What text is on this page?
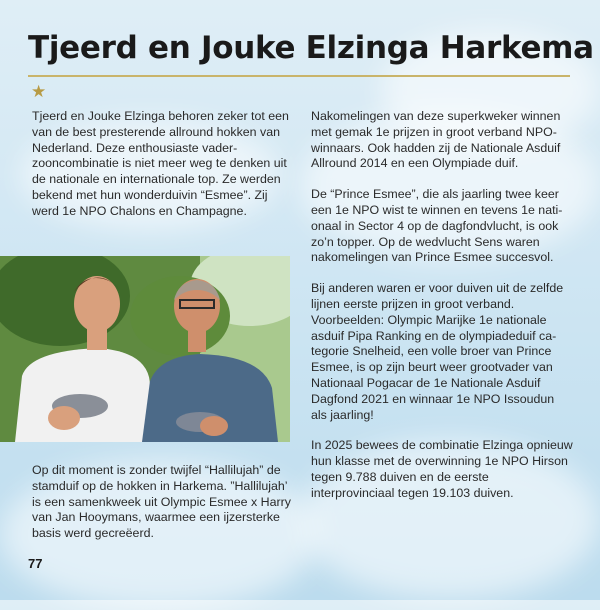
Tjeerd en Jouke Elzinga Harkema
★

Tjeerd en Jouke Elzinga behoren zeker tot een van de best presterende allround hokken van Nederland. Deze enthousiaste vader-zooncombinatie is niet meer weg te denken uit de nationale en internationale top. Ze werden bekend met hun wonderduivin “Esmee”. Zij werd 1e NPO Chalons en Champagne.

Op dit moment is zonder twijfel “Hallilujah” de stamduif op de hokken in Harkema. ”Hallilujah’ is een samenkweek uit Olympic Esmee x Harry van Jan Hooymans, waarmee een ijzersterke basis werd gecreëerd.

Nakomelingen van deze superkweker winnen met gemak 1e prijzen in groot verband NPO-winnaars. Ook hadden zij de Nationale Asduif Allround 2014 en een Olympiade duif.

De “Prince Esmee”, die als jaarling twee keer een 1e NPO wist te winnen en tevens 1e nati-onaal in Sector 4 op de dagfondvlucht, is ook zo’n topper. Op de wedvlucht Sens waren nakomelingen van Prince Esmee succesvol.

Bij anderen waren er voor duiven uit de zelfde lijnen eerste prijzen in groot verband. Voorbeelden: Olympic Marijke 1e nationale asduif Pipa Ranking en de olympiadeduif ca-tegorie Snelheid, een volle broer van Prince Esmee, is op zijn beurt weer grootvader van Nationaal Pogacar de 1e Nationale Asduif Dagfond 2021 en winnaar 1e NPO Issoudun als jaarling!

In 2025 bewees de combinatie Elzinga opnieuw hun klasse met de overwinning 1e NPO Hirson tegen 9.788 duiven en de eerste interprovinciaal tegen 19.103 duiven.

77
